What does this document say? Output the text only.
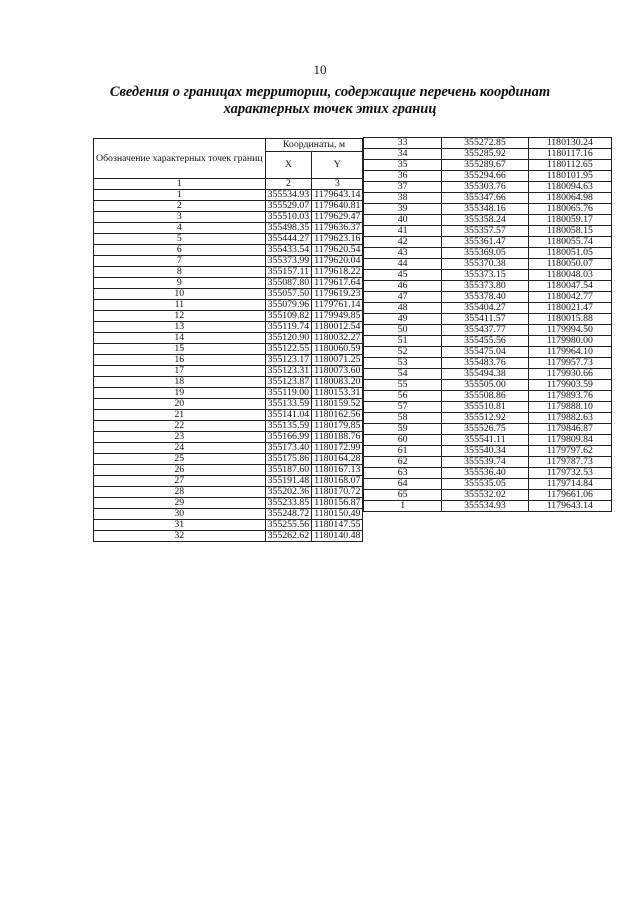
10
Сведения о границах территории, содержащие перечень координат
характерных точек этих границ
Обозначение характерных точек границ	Координаты, м	
	X	Y
1	2	3
1	355534.93	1179643.14
2	355529.07	1179640.81
3	355510.03	1179629.47
4	355498.35	1179636.37
5	355444.27	1179623.16
6	355433.54	1179620.54
7	355373.99	1179620.04
8	355157.11	1179618.22
9	355087.80	1179617.64
10	355057.50	1179619.23
11	355079.96	1179761.14
12	355109.82	1179949.85
13	355119.74	1180012.54
14	355120.90	1180032.27
15	355122.55	1180060.59
16	355123.17	1180071.25
17	355123.31	1180073.60
18	355123.87	1180083.20
19	355119.00	1180153.31
20	355133.59	1180159.52
21	355141.04	1180162.56
22	355135.59	1180179.85
23	355166.99	1180188.76
24	355173.40	1180172.99
25	355175.86	1180164.28
26	355187.60	1180167.13
27	355191.48	1180168.07
28	355202.36	1180170.72
29	355233.85	1180156.87
30	355248.72	1180150.49
31	355255.56	1180147.55
32	355262.62	1180140.48
33	355272.85	1180130.24
34	355285.92	1180117.16
35	355289.67	1180112.65
36	355294.66	1180101.95
37	355303.76	1180094.63
38	355347.66	1180064.98
39	355348.16	1180065.76
40	355358.24	1180059.17
41	355357.57	1180058.15
42	355361.47	1180055.74
43	355369.05	1180051.05
44	355370.38	1180050.07
45	355373.15	1180048.03
46	355373.80	1180047.54
47	355378.40	1180042.77
48	355404.27	1180021.47
49	355411.57	1180015.88
50	355437.77	1179994.50
51	355455.56	1179980.00
52	355475.04	1179964.10
53	355483.76	1179957.73
54	355494.38	1179930.66
55	355505.00	1179903.59
56	355508.86	1179893.76
57	355510.81	1179888.10
58	355512.92	1179882.63
59	355526.75	1179846.87
60	355541.11	1179809.84
61	355540.34	1179797.62
62	355539.74	1179787.73
63	355536.40	1179732.53
64	355535.05	1179714.84
65	355532.02	1179661.06
1	355534.93	1179643.14
